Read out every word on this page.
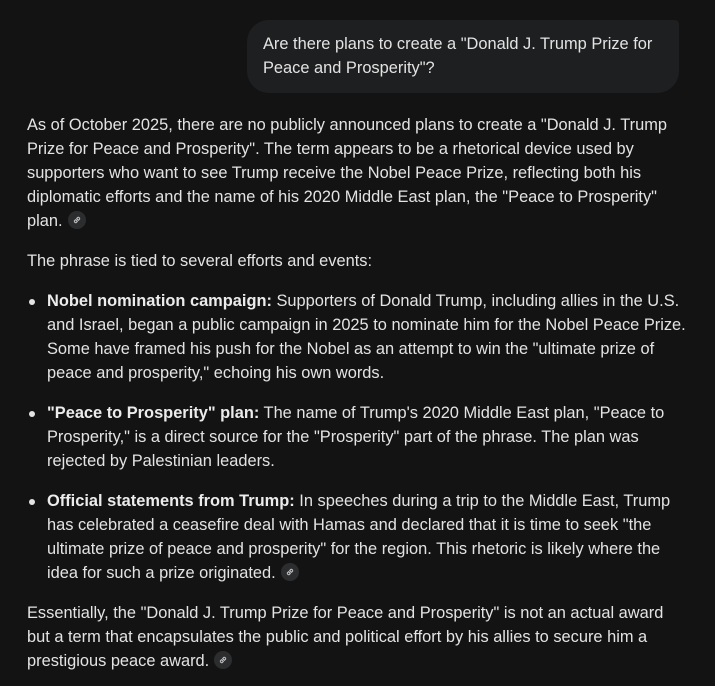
Are there plans to create a "Donald J. Trump Prize for Peace and Prosperity"?

As of October 2025, there are no publicly announced plans to create a "Donald J. Trump Prize for Peace and Prosperity". The term appears to be a rhetorical device used by supporters who want to see Trump receive the Nobel Peace Prize, reflecting both his diplomatic efforts and the name of his 2020 Middle East plan, the "Peace to Prosperity" plan.

The phrase is tied to several efforts and events:

Nobel nomination campaign: Supporters of Donald Trump, including allies in the U.S. and Israel, began a public campaign in 2025 to nominate him for the Nobel Peace Prize. Some have framed his push for the Nobel as an attempt to win the "ultimate prize of peace and prosperity," echoing his own words.
"Peace to Prosperity" plan: The name of Trump's 2020 Middle East plan, "Peace to Prosperity," is a direct source for the "Prosperity" part of the phrase. The plan was rejected by Palestinian leaders.
Official statements from Trump: In speeches during a trip to the Middle East, Trump has celebrated a ceasefire deal with Hamas and declared that it is time to seek "the ultimate prize of peace and prosperity" for the region. This rhetoric is likely where the idea for such a prize originated.

Essentially, the "Donald J. Trump Prize for Peace and Prosperity" is not an actual award but a term that encapsulates the public and political effort by his allies to secure him a prestigious peace award.
